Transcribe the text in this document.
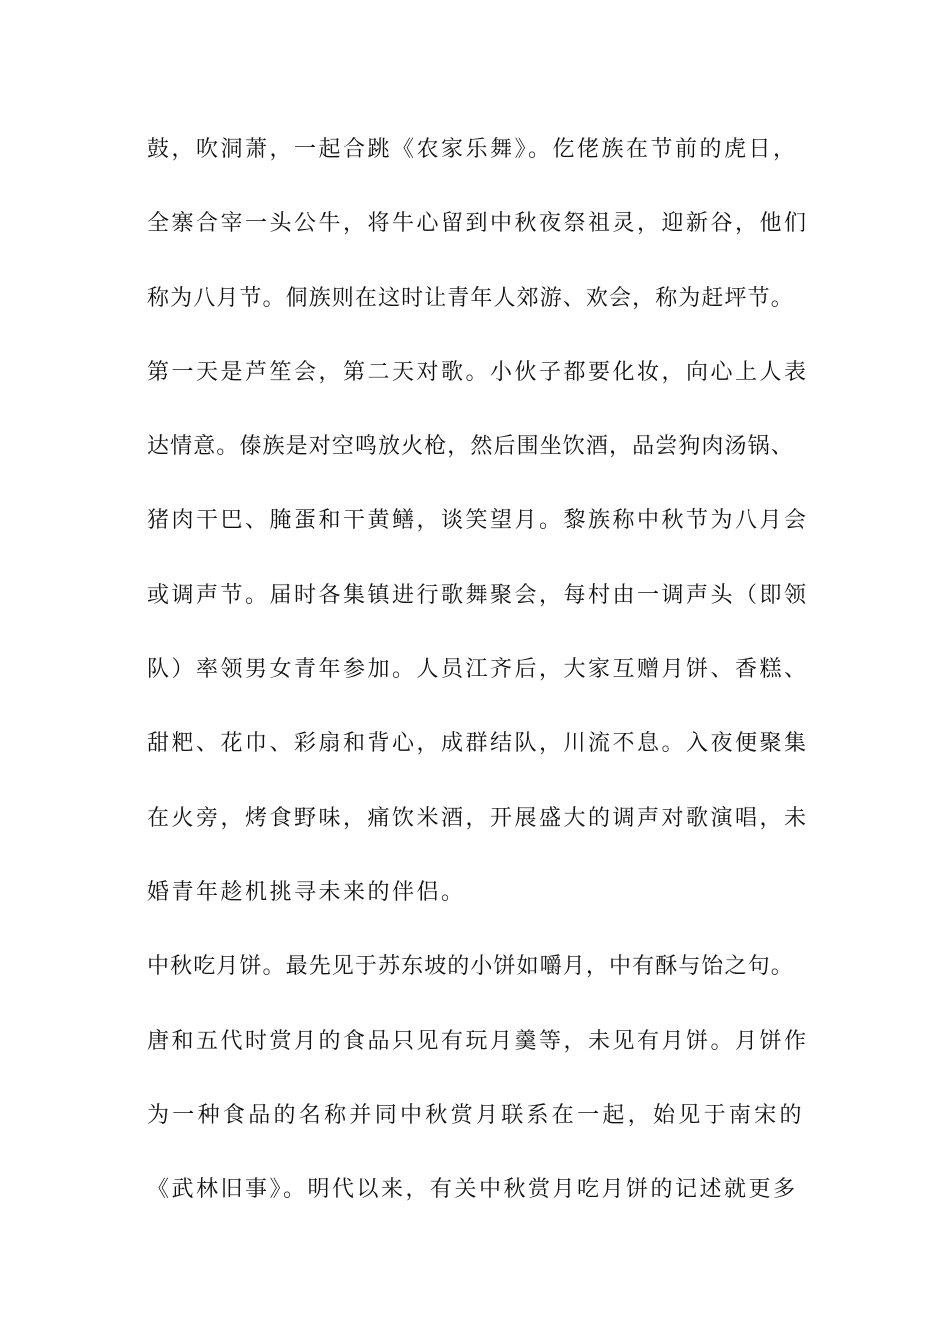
鼓，吹洞萧，一起合跳《农家乐舞》。仡佬族在节前的虎日，
全寨合宰一头公牛，将牛心留到中秋夜祭祖灵，迎新谷，他们
称为八月节。侗族则在这时让青年人郊游、欢会，称为赶坪节。
第一天是芦笙会，第二天对歌。小伙子都要化妆，向心上人表
达情意。傣族是对空鸣放火枪，然后围坐饮酒，品尝狗肉汤锅、
猪肉干巴、腌蛋和干黄鳝，谈笑望月。黎族称中秋节为八月会
或调声节。届时各集镇进行歌舞聚会，每村由一调声头（即领
队）率领男女青年参加。人员江齐后，大家互赠月饼、香糕、
甜粑、花巾、彩扇和背心，成群结队，川流不息。入夜便聚集
在火旁，烤食野味，痛饮米酒，开展盛大的调声对歌演唱，未
婚青年趁机挑寻未来的伴侣。
中秋吃月饼。最先见于苏东坡的小饼如嚼月，中有酥与饴之句。
唐和五代时赏月的食品只见有玩月羹等，未见有月饼。月饼作
为一种食品的名称并同中秋赏月联系在一起，始见于南宋的
《武林旧事》。明代以来，有关中秋赏月吃月饼的记述就更多
